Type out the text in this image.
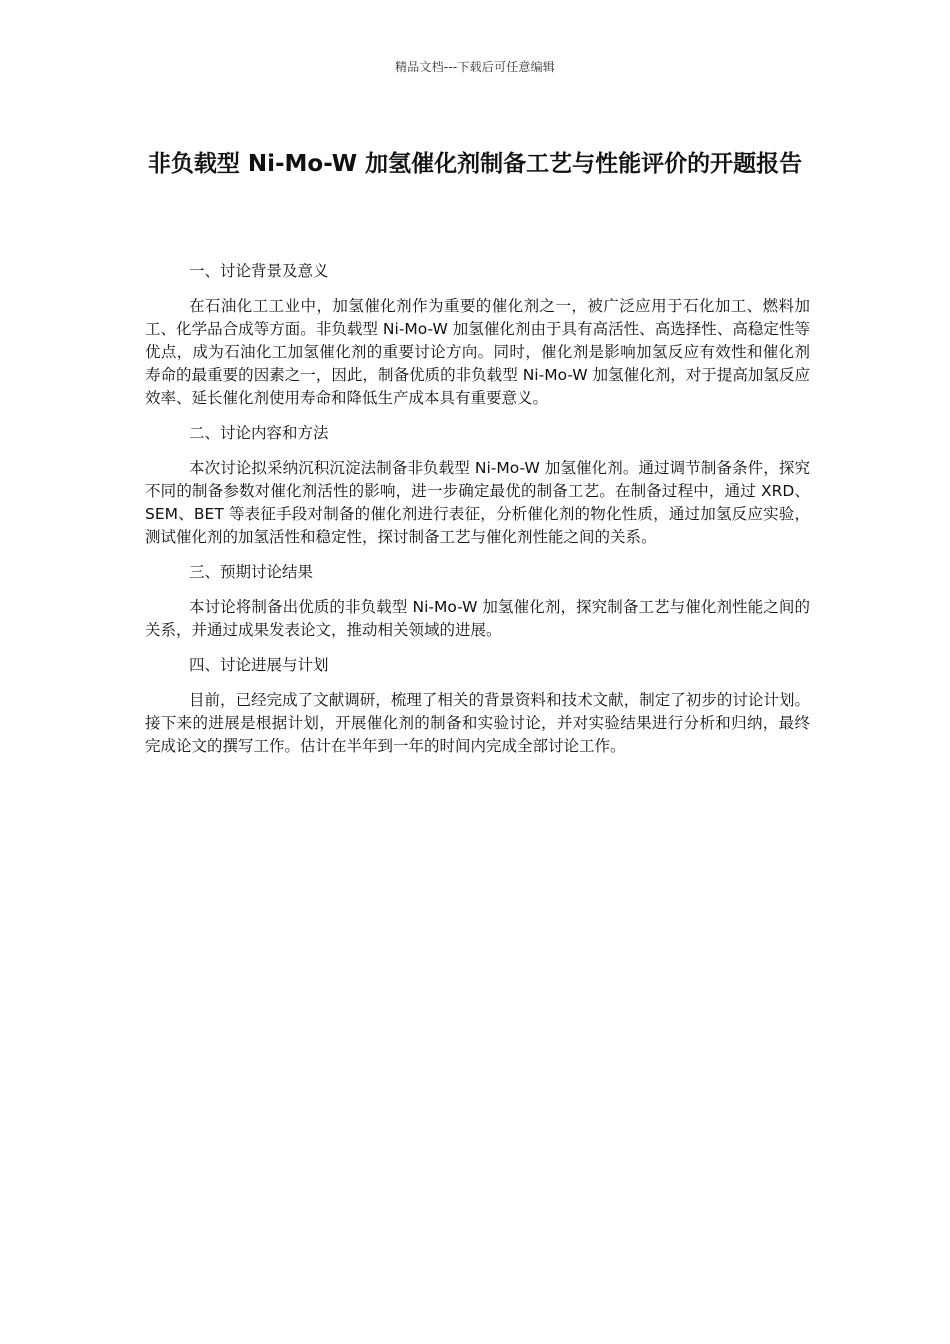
精品文档---下载后可任意编辑
非负载型 Ni-Mo-W 加氢催化剂制备工艺与性能评价的开题报告

一、讨论背景及意义

在石油化工工业中，加氢催化剂作为重要的催化剂之一，被广泛应用于石化加工、燃料加工、化学品合成等方面。非负载型 Ni-Mo-W 加氢催化剂由于具有高活性、高选择性、高稳定性等优点，成为石油化工加氢催化剂的重要讨论方向。同时，催化剂是影响加氢反应有效性和催化剂寿命的最重要的因素之一，因此，制备优质的非负载型 Ni-Mo-W 加氢催化剂，对于提高加氢反应效率、延长催化剂使用寿命和降低生产成本具有重要意义。

二、讨论内容和方法

本次讨论拟采纳沉积沉淀法制备非负载型 Ni-Mo-W 加氢催化剂。通过调节制备条件，探究不同的制备参数对催化剂活性的影响，进一步确定最优的制备工艺。在制备过程中，通过 XRD、SEM、BET 等表征手段对制备的催化剂进行表征，分析催化剂的物化性质，通过加氢反应实验，测试催化剂的加氢活性和稳定性，探讨制备工艺与催化剂性能之间的关系。

三、预期讨论结果

本讨论将制备出优质的非负载型 Ni-Mo-W 加氢催化剂，探究制备工艺与催化剂性能之间的关系，并通过成果发表论文，推动相关领域的进展。

四、讨论进展与计划

目前，已经完成了文献调研，梳理了相关的背景资料和技术文献，制定了初步的讨论计划。接下来的进展是根据计划，开展催化剂的制备和实验讨论，并对实验结果进行分析和归纳，最终完成论文的撰写工作。估计在半年到一年的时间内完成全部讨论工作。
